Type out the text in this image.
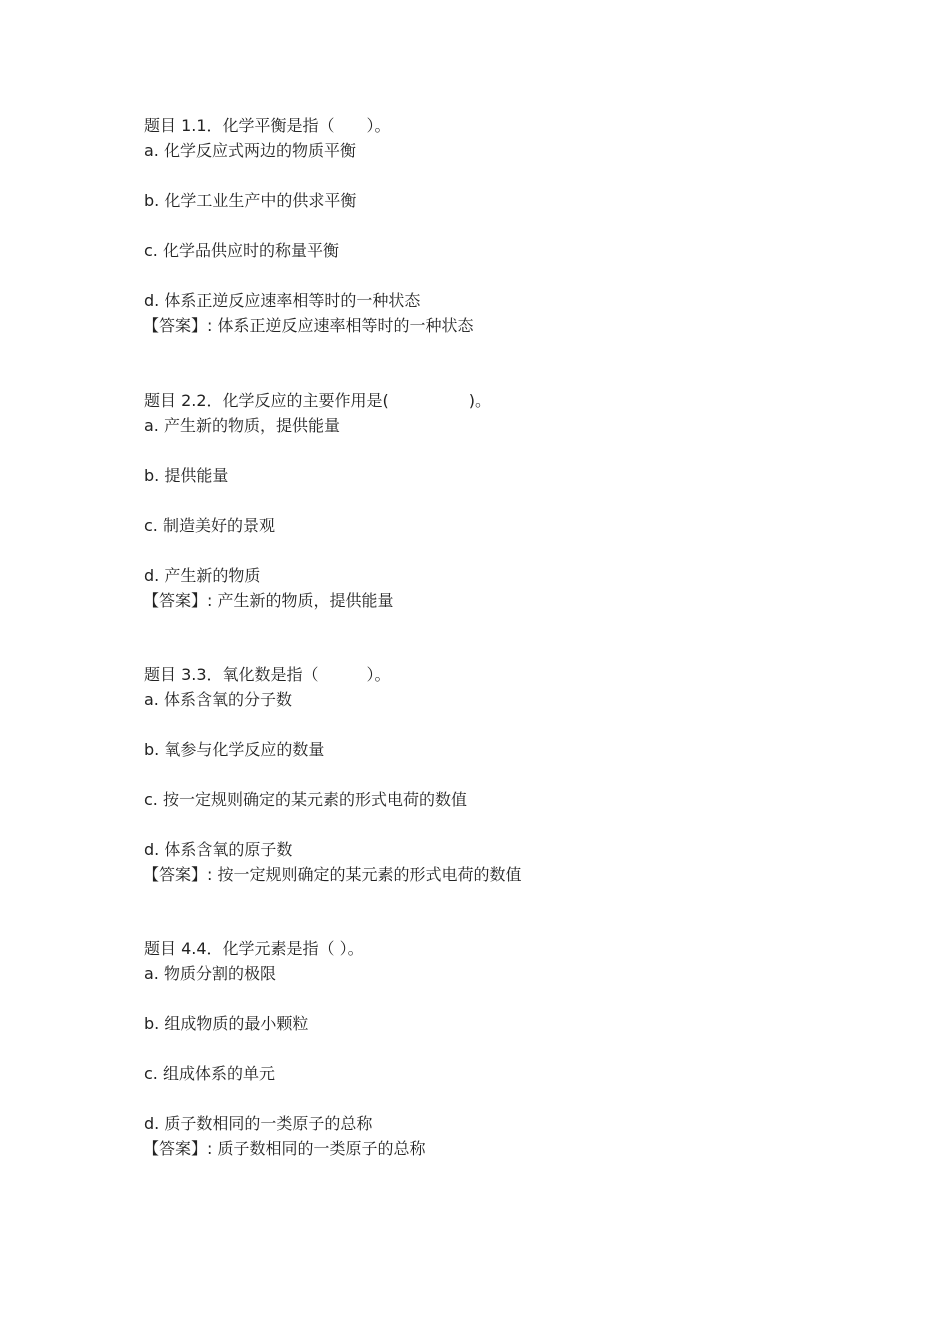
题目 1.1．化学平衡是指（　　）。
a. 化学反应式两边的物质平衡
b. 化学工业生产中的供求平衡
c. 化学品供应时的称量平衡
d. 体系正逆反应速率相等时的一种状态
【答案】: 体系正逆反应速率相等时的一种状态
题目 2.2．化学反应的主要作用是(　　　　　)。
a. 产生新的物质，提供能量
b. 提供能量
c. 制造美好的景观
d. 产生新的物质
【答案】: 产生新的物质，提供能量
题目 3.3．氧化数是指（　　　）。
a. 体系含氧的分子数
b. 氧参与化学反应的数量
c. 按一定规则确定的某元素的形式电荷的数值
d. 体系含氧的原子数
【答案】: 按一定规则确定的某元素的形式电荷的数值
题目 4.4．化学元素是指（ ）。
a. 物质分割的极限
b. 组成物质的最小颗粒
c. 组成体系的单元
d. 质子数相同的一类原子的总称
【答案】: 质子数相同的一类原子的总称
